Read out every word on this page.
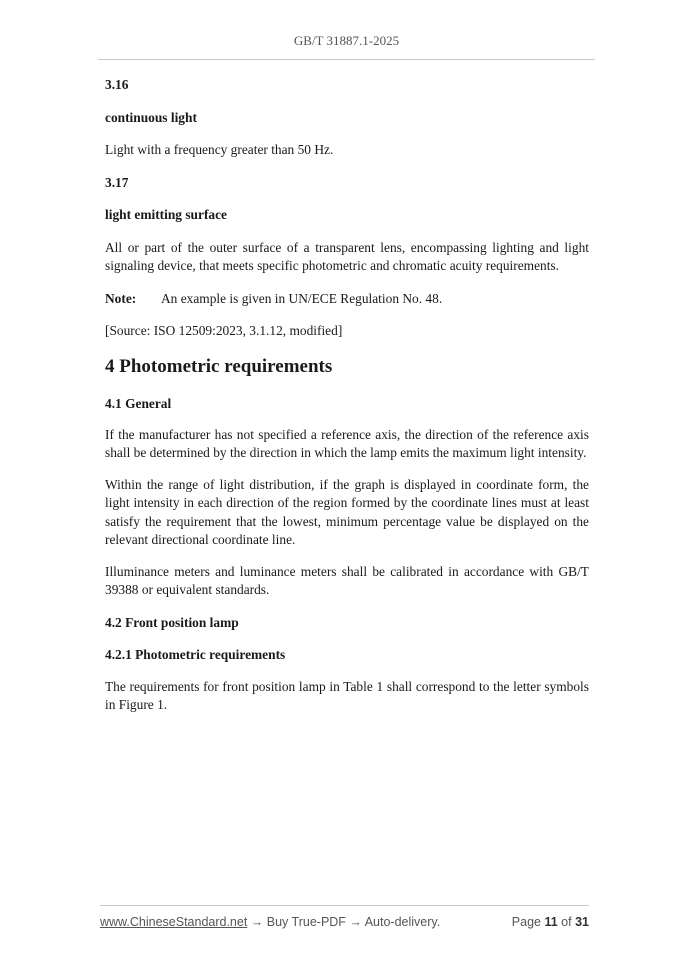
GB/T 31887.1-2025

3.16

continuous light

Light with a frequency greater than 50 Hz.

3.17

light emitting surface

All or part of the outer surface of a transparent lens, encompassing lighting and light signaling device, that meets specific photometric and chromatic acuity requirements.

Note: An example is given in UN/ECE Regulation No. 48.

[Source: ISO 12509:2023, 3.1.12, modified]

4 Photometric requirements

4.1 General

If the manufacturer has not specified a reference axis, the direction of the reference axis shall be determined by the direction in which the lamp emits the maximum light intensity.

Within the range of light distribution, if the graph is displayed in coordinate form, the light intensity in each direction of the region formed by the coordinate lines must at least satisfy the requirement that the lowest, minimum percentage value be displayed on the relevant directional coordinate line.

Illuminance meters and luminance meters shall be calibrated in accordance with GB/T 39388 or equivalent standards.

4.2 Front position lamp

4.2.1 Photometric requirements

The requirements for front position lamp in Table 1 shall correspond to the letter symbols in Figure 1.

www.ChineseStandard.net → Buy True-PDF → Auto-delivery.	Page 11 of 31
